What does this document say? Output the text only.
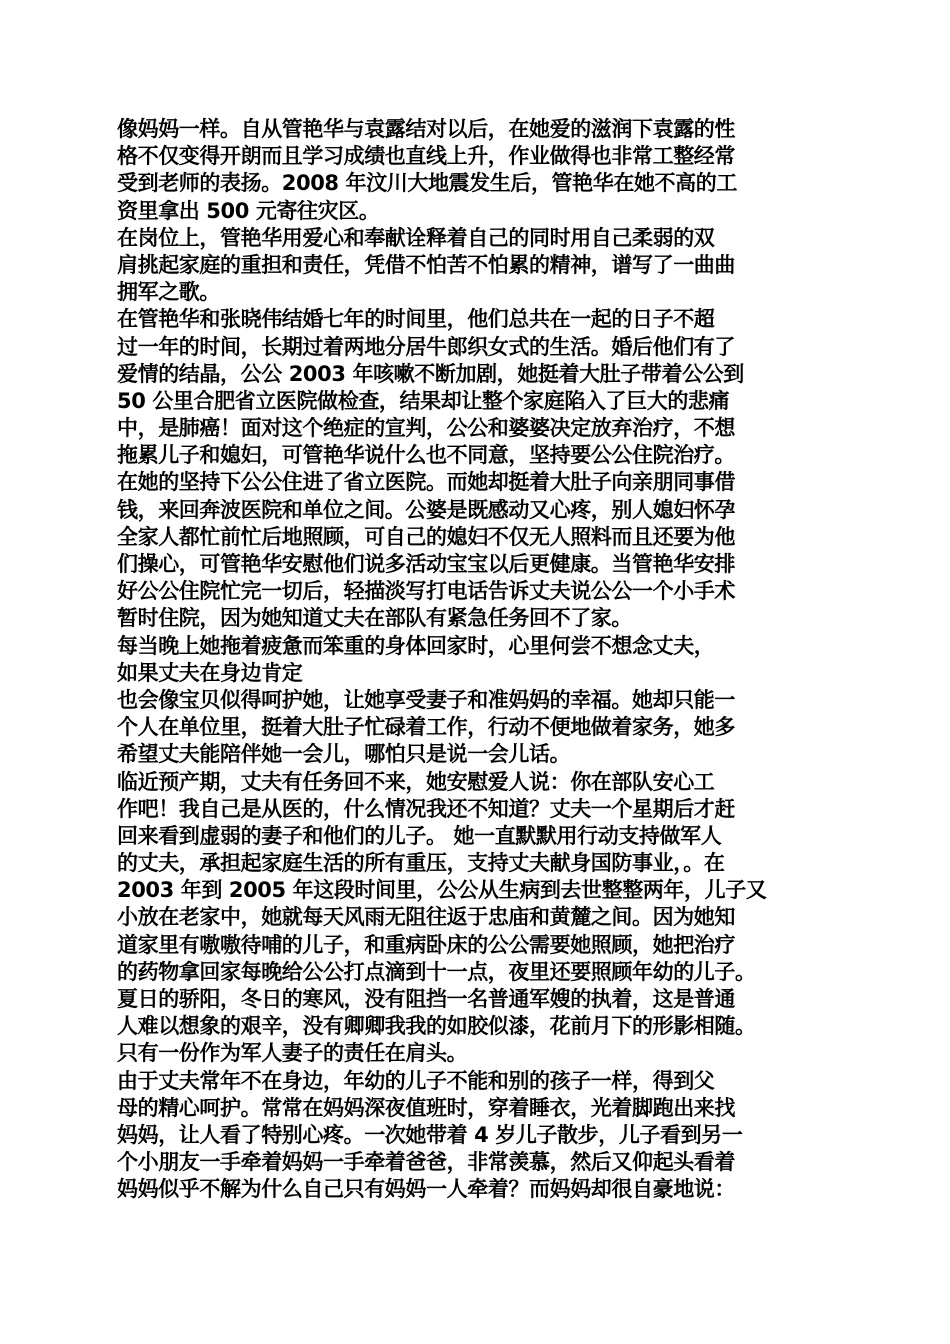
像妈妈一样。自从管艳华与袁露结对以后，在她爱的滋润下袁露的性
格不仅变得开朗而且学习成绩也直线上升，作业做得也非常工整经常
受到老师的表扬。2008 年汶川大地震发生后，管艳华在她不高的工
资里拿出 500 元寄往灾区。
在岗位上，管艳华用爱心和奉献诠释着自己的同时用自己柔弱的双
肩挑起家庭的重担和责任，凭借不怕苦不怕累的精神，谱写了一曲曲
拥军之歌。
在管艳华和张晓伟结婚七年的时间里，他们总共在一起的日子不超
过一年的时间，长期过着两地分居牛郎织女式的生活。婚后他们有了
爱情的结晶，公公 2003 年咳嗽不断加剧，她挺着大肚子带着公公到
50 公里合肥省立医院做检查，结果却让整个家庭陷入了巨大的悲痛
中，是肺癌！面对这个绝症的宣判，公公和婆婆决定放弃治疗，不想
拖累儿子和媳妇，可管艳华说什么也不同意，坚持要公公住院治疗。
在她的坚持下公公住进了省立医院。而她却挺着大肚子向亲朋同事借
钱，来回奔波医院和单位之间。公婆是既感动又心疼，别人媳妇怀孕
全家人都忙前忙后地照顾，可自己的媳妇不仅无人照料而且还要为他
们操心，可管艳华安慰他们说多活动宝宝以后更健康。当管艳华安排
好公公住院忙完一切后，轻描淡写打电话告诉丈夫说公公一个小手术
暂时住院，因为她知道丈夫在部队有紧急任务回不了家。
每当晚上她拖着疲惫而笨重的身体回家时，心里何尝不想念丈夫，
如果丈夫在身边肯定
也会像宝贝似得呵护她，让她享受妻子和准妈妈的幸福。她却只能一
个人在单位里，挺着大肚子忙碌着工作，行动不便地做着家务，她多
希望丈夫能陪伴她一会儿，哪怕只是说一会儿话。
临近预产期，丈夫有任务回不来，她安慰爱人说：你在部队安心工
作吧！我自己是从医的，什么情况我还不知道？丈夫一个星期后才赶
回来看到虚弱的妻子和他们的儿子。 她一直默默用行动支持做军人
的丈夫，承担起家庭生活的所有重压，支持丈夫献身国防事业，。在
2003 年到 2005 年这段时间里，公公从生病到去世整整两年，儿子又
小放在老家中，她就每天风雨无阻往返于忠庙和黄麓之间。因为她知
道家里有嗷嗷待哺的儿子，和重病卧床的公公需要她照顾，她把治疗
的药物拿回家每晚给公公打点滴到十一点，夜里还要照顾年幼的儿子。
夏日的骄阳，冬日的寒风，没有阻挡一名普通军嫂的执着，这是普通
人难以想象的艰辛，没有卿卿我我的如胶似漆，花前月下的形影相随。
只有一份作为军人妻子的责任在肩头。
由于丈夫常年不在身边，年幼的儿子不能和别的孩子一样，得到父
母的精心呵护。常常在妈妈深夜值班时，穿着睡衣，光着脚跑出来找
妈妈，让人看了特别心疼。一次她带着 4 岁儿子散步，儿子看到另一
个小朋友一手牵着妈妈一手牵着爸爸，非常羡慕，然后又仰起头看着
妈妈似乎不解为什么自己只有妈妈一人牵着？而妈妈却很自豪地说：
